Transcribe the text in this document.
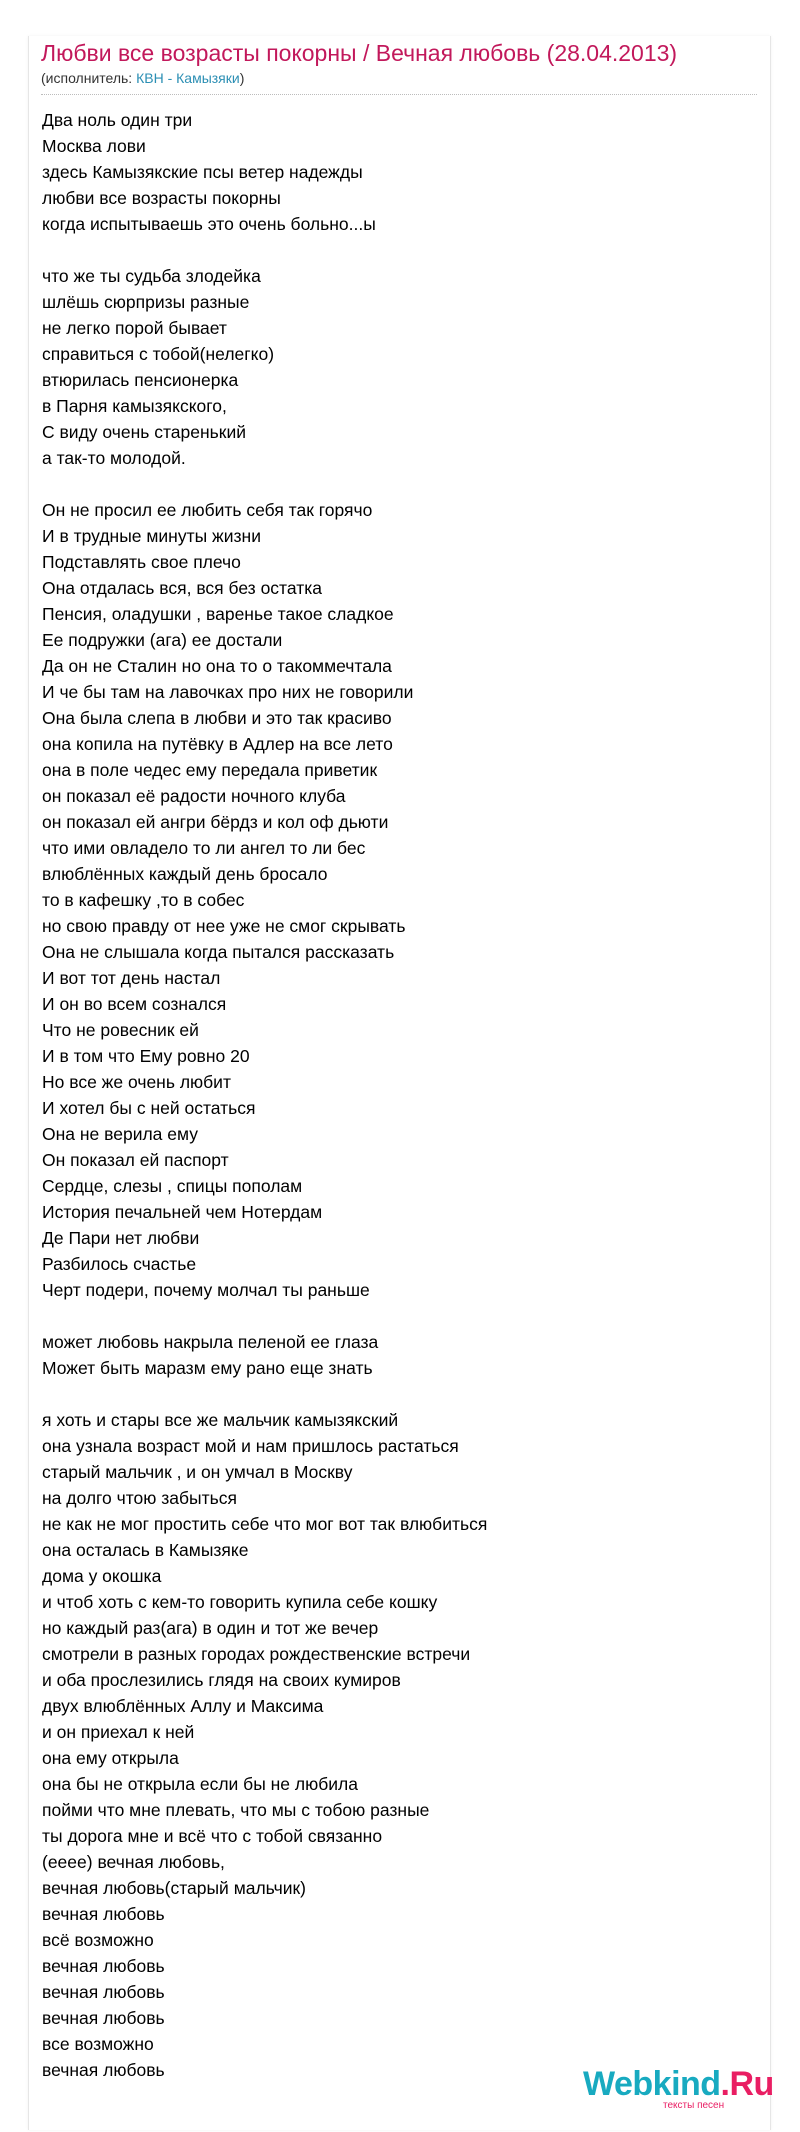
Любви все возрасты покорны / Вечная любовь (28.04.2013)
(исполнитель: КВН - Камызяки)
Два ноль один три
Москва лови
здесь Камызякские псы ветер надежды
любви все возрасты покорны
когда испытываешь это очень больно...ы
что же ты судьба злодейка
шлёшь сюрпризы разные
не легко порой бывает
справиться с тобой(нелегко)
втюрилась пенсионерка
в Парня камызякского,
С виду очень старенький
а так-то молодой.
Он не просил ее любить себя так горячо
И в трудные минуты жизни
Подставлять свое плечо
Она отдалась вся, вся без остатка
Пенсия, оладушки , варенье такое сладкое
Ее подружки (ага) ее достали
Да он не Сталин но она то о такоммечтала
И че бы там на лавочках про них не говорили
Она была слепа в любви и это так красиво
она копила на путёвку в Адлер на все лето
она в поле чедес ему передала приветик
он показал её радости ночного клуба
он показал ей ангри бёрдз и кол оф дьюти
что ими овладело то ли ангел то ли бес
влюблённых каждый день бросало
то в кафешку ,то в собес
но свою правду от нее уже не смог скрывать
Она не слышала когда пытался рассказать
И вот тот день настал
И он во всем сознался
Что не ровесник ей
И в том что Ему ровно 20
Но все же очень любит
И хотел бы с ней остаться
Она не верила ему
Он показал ей паспорт
Сердце, слезы , спицы пополам
История печальней чем Нотердам
Де Пари нет любви
Разбилось счастье
Черт подери, почему молчал ты раньше
может любовь накрыла пеленой ее глаза
Может быть маразм ему рано еще знать
я хоть и стары все же мальчик камызякский
она узнала возраст мой и нам пришлось растаться
старый мальчик , и он умчал в Москву
на долго чтою забыться
не как не мог простить себе что мог вот так влюбиться
она осталась в Камызяке
дома у окошка
и чтоб хоть с кем-то говорить купила себе кошку
но каждый раз(ага) в один и тот же вечер
смотрели в разных городах рождественские встречи
и оба прослезились глядя на своих кумиров
двух влюблённых Аллу и Максима
и он приехал к ней
она ему открыла
она бы не открыла если бы не любила
пойми что мне плевать, что мы с тобою разные
ты дорога мне и всё что с тобой связанно
(ееее) вечная любовь,
вечная любовь(старый мальчик)
вечная любовь
всё возможно
вечная любовь
вечная любовь
вечная любовь
все возможно
вечная любовь	Webkind.Ru
тексты песен
